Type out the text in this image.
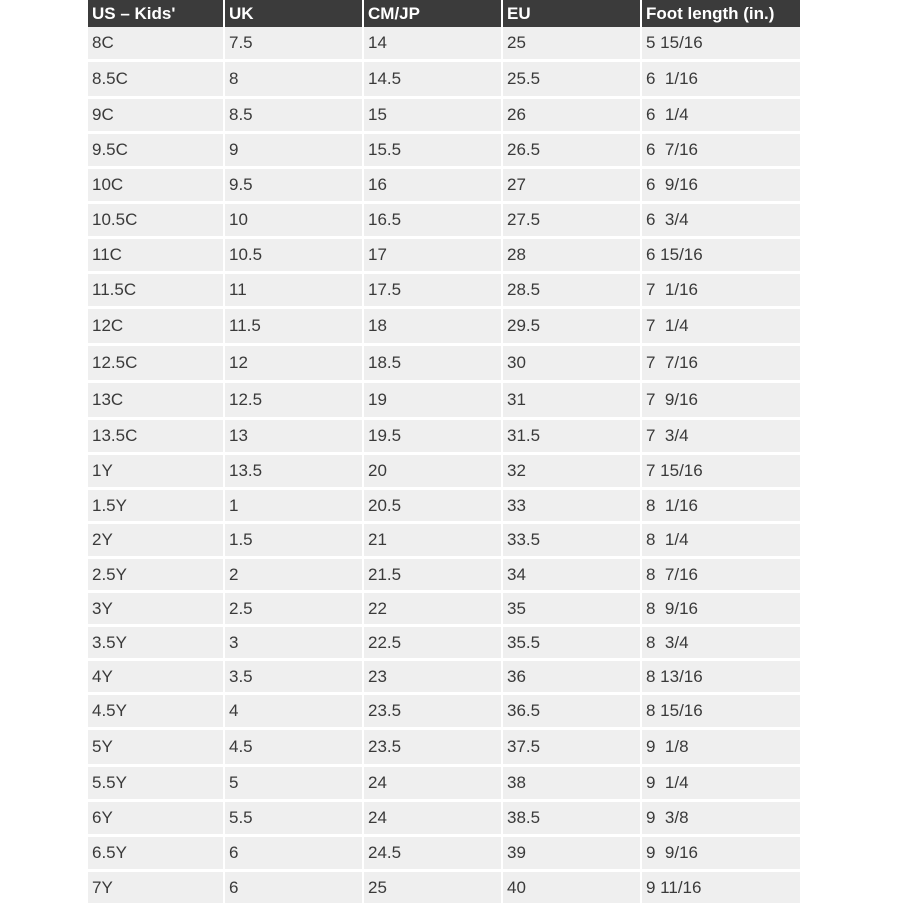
US – Kids'	UK	CM/JP	EU	Foot length (in.)
8C	7.5	14	25	5 15/16
8.5C	8	14.5	25.5	6  1/16
9C	8.5	15	26	6  1/4
9.5C	9	15.5	26.5	6  7/16
10C	9.5	16	27	6  9/16
10.5C	10	16.5	27.5	6  3/4
11C	10.5	17	28	6 15/16
11.5C	11	17.5	28.5	7  1/16
12C	11.5	18	29.5	7  1/4
12.5C	12	18.5	30	7  7/16
13C	12.5	19	31	7  9/16
13.5C	13	19.5	31.5	7  3/4
1Y	13.5	20	32	7 15/16
1.5Y	1	20.5	33	8  1/16
2Y	1.5	21	33.5	8  1/4
2.5Y	2	21.5	34	8  7/16
3Y	2.5	22	35	8  9/16
3.5Y	3	22.5	35.5	8  3/4
4Y	3.5	23	36	8 13/16
4.5Y	4	23.5	36.5	8 15/16
5Y	4.5	23.5	37.5	9  1/8
5.5Y	5	24	38	9  1/4
6Y	5.5	24	38.5	9  3/8
6.5Y	6	24.5	39	9  9/16
7Y	6	25	40	9 11/16
